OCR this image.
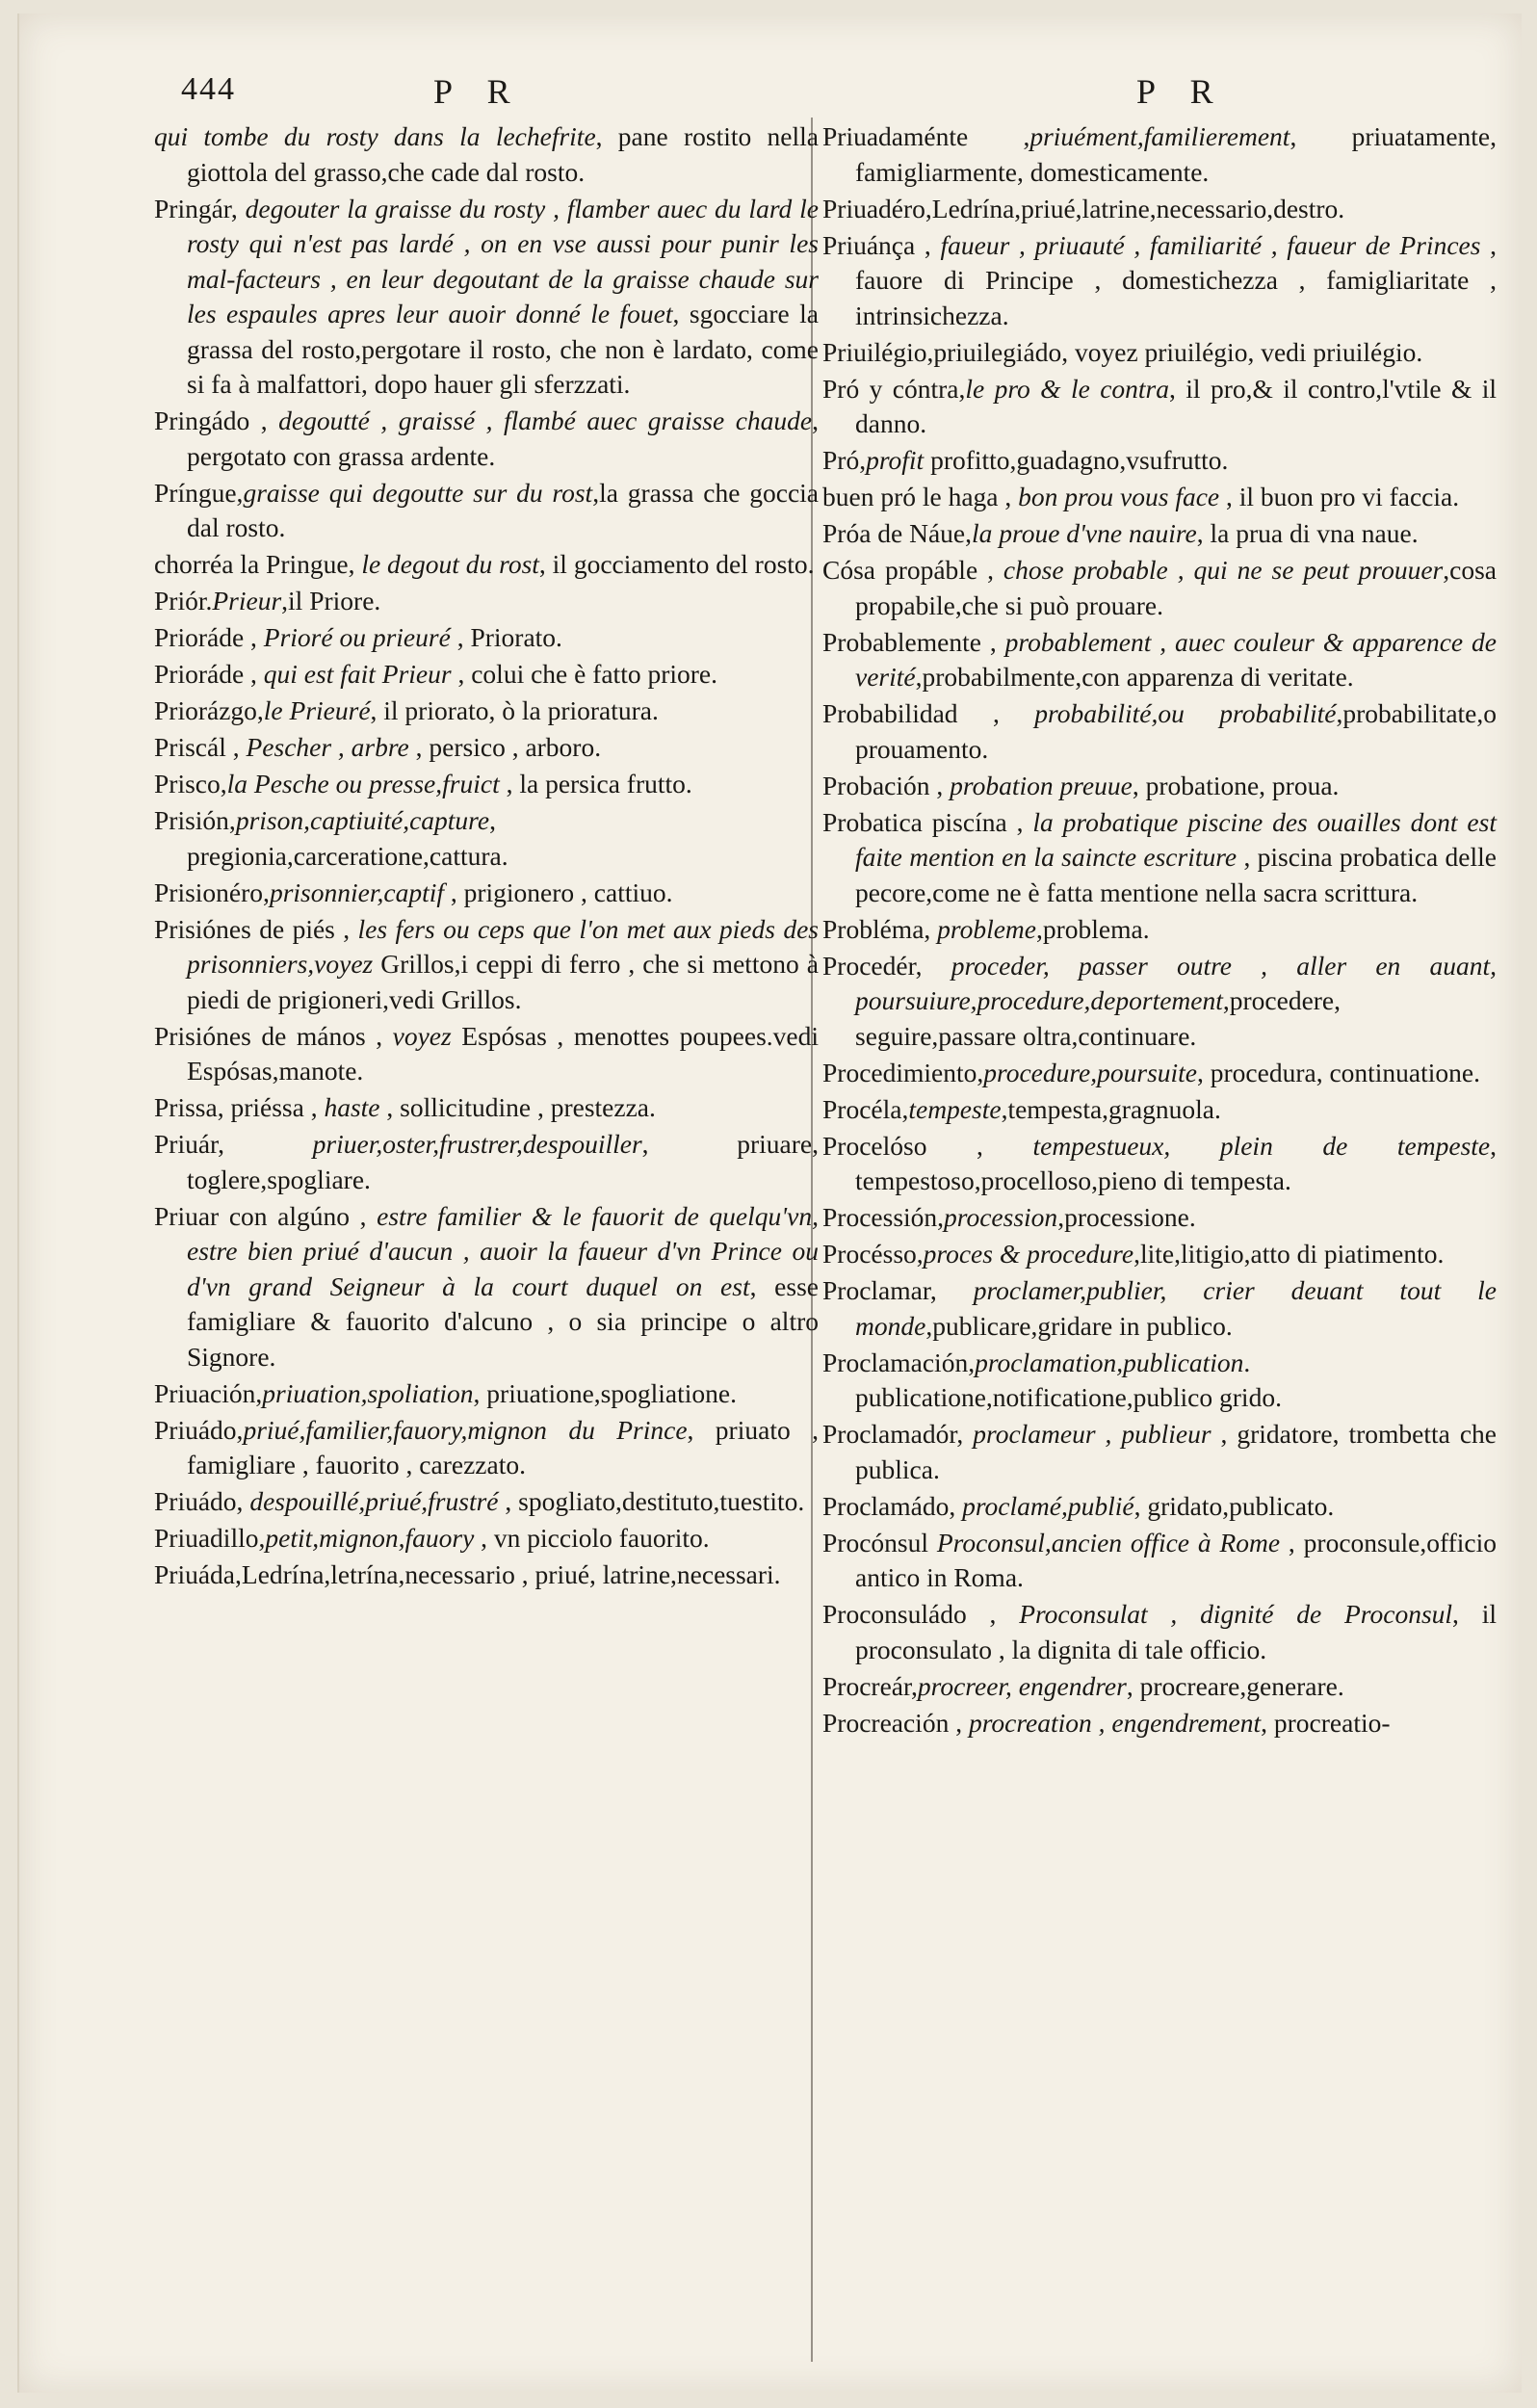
444	P R	P R

qui tombe du rosty dans la lechefrite, pane rostito nella giottola del grasso,che cade dal rosto.

Pringár, degouter la graisse du rosty , flamber auec du lard le rosty qui n'est pas lardé , on en vse aussi pour punir les mal-facteurs , en leur degoutant de la graisse chaude sur les espaules apres leur auoir donné le fouet, sgocciare la grassa del rosto,pergotare il rosto, che non è lardato, come si fa à malfattori, dopo hauer gli sferzzati.

Pringádo , degoutté , graissé , flambé auec graisse chaude, pergotato con grassa ardente.

Príngue,graisse qui degoutte sur du rost,la grassa che goccia dal rosto.

chorréa la Pringue, le degout du rost, il gocciamento del rosto.

Priór.Prieur,il Priore.

Prioráde , Prioré ou prieuré , Priorato.

Prioráde , qui est fait Prieur , colui che è fatto priore.

Priorázgo,le Prieuré, il priorato, ò la prioratura.

Priscál , Pescher , arbre , persico , arboro.

Prisco,la Pesche ou presse,fruict , la persica frutto.

Prisión,prison,captiuité,capture, pregionia,carceratione,cattura.

Prisionéro,prisonnier,captif , prigionero , cattiuo.

Prisiónes de piés , les fers ou ceps que l'on met aux pieds des prisonniers,voyez Grillos,i ceppi di ferro , che si mettono à piedi de prigioneri,vedi Grillos.

Prisiónes de mános , voyez Espósas , menottes poupees.vedi Espósas,manote.

Prissa, priéssa , haste , sollicitudine , prestezza.

Priuár, priuer,oster,frustrer,despouiller, priuare, toglere,spogliare.

Priuar con algúno , estre familier & le fauorit de quelqu'vn, estre bien priué d'aucun , auoir la faueur d'vn Prince ou d'vn grand Seigneur à la court duquel on est, esse famigliare & fauorito d'alcuno , o sia principe o altro Signore.

Priuación,priuation,spoliation, priuatione,spogliatione.

Priuádo,priué,familier,fauory,mignon du Prince, priuato , famigliare , fauorito , carezzato.

Priuádo, despouillé,priué,frustré , spogliato,destituto,tuestito.

Priuadillo,petit,mignon,fauory , vn picciolo fauorito.

Priuáda,Ledrína,letrína,necessario , priué, latrine,necessari.

Priuadaménte ,priuément,familierement, priuatamente, famigliarmente, domesticamente.

Priuadéro,Ledrína,priué,latrine,necessario,destro.

Priuánça , faueur , priuauté , familiarité , faueur de Princes , fauore di Principe , domestichezza , famigliaritate , intrinsichezza.

Priuilégio,priuilegiádo, voyez priuilégio, vedi priuilégio.

Pró y cóntra,le pro & le contra, il pro,& il contro,l'vtile & il danno.

Pró,profit profitto,guadagno,vsufrutto.

buen pró le haga , bon prou vous face , il buon pro vi faccia.

Próa de Náue,la proue d'vne nauire, la prua di vna naue.

Cósa propáble , chose probable , qui ne se peut prouuer,cosa propabile,che si può prouare.

Probablemente , probablement , auec couleur & apparence de verité,probabilmente,con apparenza di veritate.

Probabilidad , probabilité,ou probabilité,probabilitate,o prouamento.

Probación , probation preuue, probatione, proua.

Probatica piscína , la probatique piscine des ouailles dont est faite mention en la saincte escriture , piscina probatica delle pecore,come ne è fatta mentione nella sacra scrittura.

Probléma, probleme,problema.

Procedér, proceder, passer outre , aller en auant, poursuiure,procedure,deportement,procedere, seguire,passare oltra,continuare.

Procedimiento,procedure,poursuite, procedura, continuatione.

Procéla,tempeste,tempesta,gragnuola.

Procelóso , tempestueux, plein de tempeste, tempestoso,procelloso,pieno di tempesta.

Processión,procession,processione.

Procésso,proces & procedure,lite,litigio,atto di piatimento.

Proclamar, proclamer,publier, crier deuant tout le monde,publicare,gridare in publico.

Proclamación,proclamation,publication. publicatione,notificatione,publico grido.

Proclamadór, proclameur , publieur , gridatore, trombetta che publica.

Proclamádo, proclamé,publié, gridato,publicato.

Procónsul Proconsul,ancien office à Rome , proconsule,officio antico in Roma.

Proconsuládo , Proconsulat , dignité de Proconsul, il proconsulato , la dignita di tale officio.

Procreár,procreer, engendrer, procreare,generare.

Procreación , procreation , engendrement, procreatio-
